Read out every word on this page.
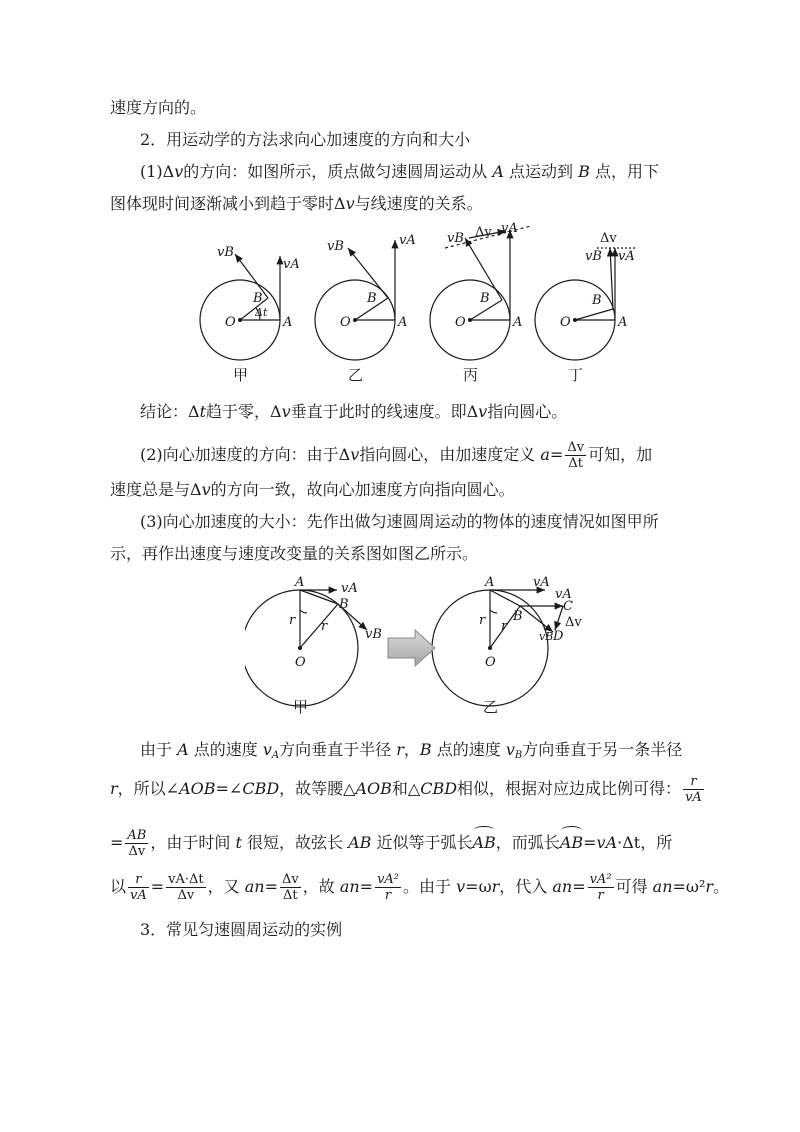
速度方向的。
2．用运动学的方法求向心加速度的方向和大小
(1)Δv的方向：如图所示，质点做匀速圆周运动从 A 点运动到 B 点，用下
图体现时间逐渐减小到趋于零时Δv与线速度的关系。
vB
vA
B
O	A
Δt
vB	vA
B
O	A
vB
vA
Δv
B
O	A
vB vA
Δv
B
O	A
甲	乙	丙	丁
结论：Δt趋于零，Δv垂直于此时的线速度。即Δv指向圆心。
(2)向心加速度的方向：由于Δv指向圆心，由加速度定义 $a= \frac{\Delta v}{\Delta t}$ 可知，加
速度总是与Δv的方向一致，故向心加速度方向指向圆心。
(3)向心加速度的大小：先作出做匀速圆周运动的物体的速度情况如图甲所
示，再作出速度与速度改变量的关系图如图乙所示。
A	vA
B
r r
O
vB
A	vA
B
C
D
vA
vB
r r
O
Δv
甲	乙
由于 A 点的速度 $v_A$方向垂直于半径 r，B 点的速度 $v_B$方向垂直于另一条半径
r，所以∠AOB=∠CBD，故等腰△AOB和△CBD相似，根据对应边成比例可得： $\frac{r}{vA}$
= $\frac{AB}{\Delta v}$ ，由于时间 t 很短，故弦长 AB 近似等于弧长AB，而弧长AB=vA·Δt，所
以 $\frac{r}{vA} = \frac{vA\cdot\Delta t}{\Delta v}$ ，又 $an= \frac{\Delta v}{\Delta t}$ ，故 $an= \frac{\text{vA²}}{r}$ 。由于 v=ωr，代入 $an= \frac{\text{vA²}}{r}$ 可得 an=ω²r。
3．常见匀速圆周运动的实例
